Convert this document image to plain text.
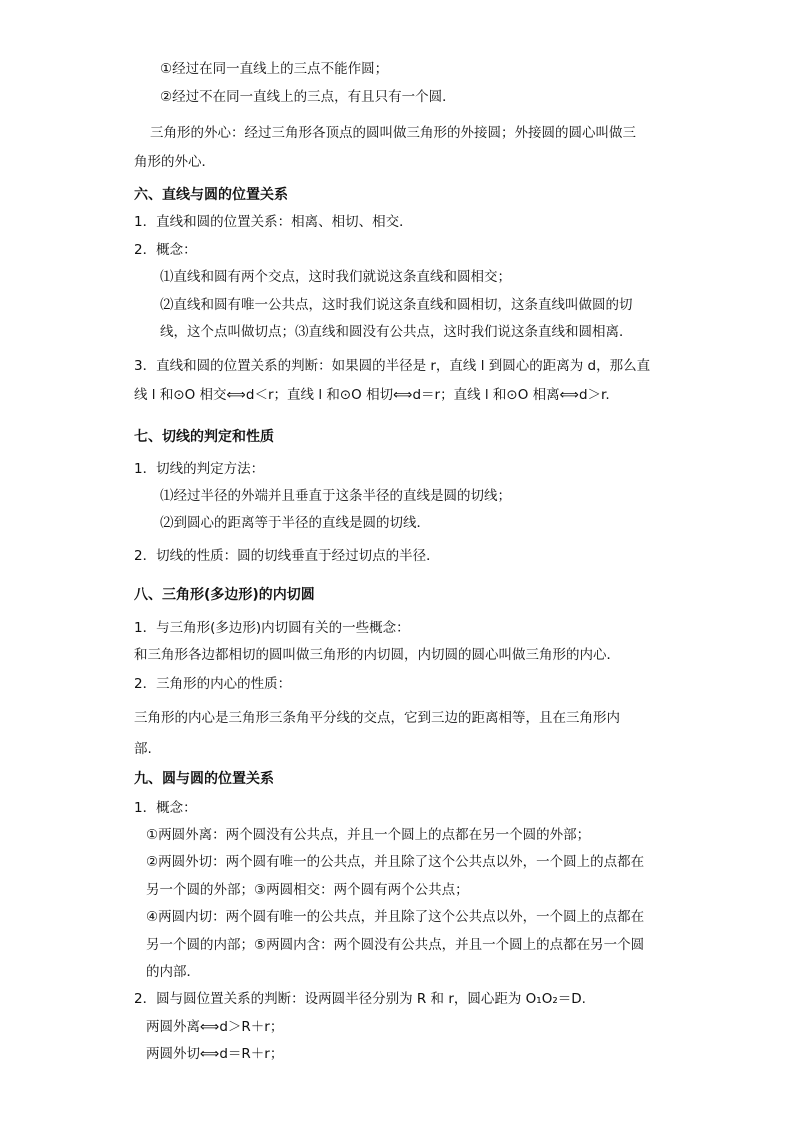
①经过在同一直线上的三点不能作圆；
②经过不在同一直线上的三点，有且只有一个圆．
三角形的外心：经过三角形各顶点的圆叫做三角形的外接圆；外接圆的圆心叫做三
角形的外心．
六、直线与圆的位置关系
1．直线和圆的位置关系：相离、相切、相交．
2．概念：
⑴直线和圆有两个交点，这时我们就说这条直线和圆相交；
⑵直线和圆有唯一公共点，这时我们说这条直线和圆相切，这条直线叫做圆的切
线，这个点叫做切点；⑶直线和圆没有公共点，这时我们说这条直线和圆相离．
3．直线和圆的位置关系的判断：如果圆的半径是 r，直线 l 到圆心的距离为 d，那么直
线 l 和⊙O 相交⟺d＜r；直线 l 和⊙O 相切⟺d＝r；直线 l 和⊙O 相离⟺d＞r.
七、切线的判定和性质
1．切线的判定方法：
⑴经过半径的外端并且垂直于这条半径的直线是圆的切线；
⑵到圆心的距离等于半径的直线是圆的切线．
2．切线的性质：圆的切线垂直于经过切点的半径．
八、三角形(多边形)的内切圆
1．与三角形(多边形)内切圆有关的一些概念：
和三角形各边都相切的圆叫做三角形的内切圆，内切圆的圆心叫做三角形的内心．
2．三角形的内心的性质：
三角形的内心是三角形三条角平分线的交点，它到三边的距离相等，且在三角形内
部.
九、圆与圆的位置关系
1．概念：
①两圆外离：两个圆没有公共点，并且一个圆上的点都在另一个圆的外部；
②两圆外切：两个圆有唯一的公共点，并且除了这个公共点以外，一个圆上的点都在
另一个圆的外部；③两圆相交：两个圆有两个公共点；
④两圆内切：两个圆有唯一的公共点，并且除了这个公共点以外，一个圆上的点都在
另一个圆的内部；⑤两圆内含：两个圆没有公共点，并且一个圆上的点都在另一个圆
的内部．
2．圆与圆位置关系的判断：设两圆半径分别为 R 和 r，圆心距为 O₁O₂＝D.
两圆外离⟺d＞R＋r；
两圆外切⟺d＝R＋r；
